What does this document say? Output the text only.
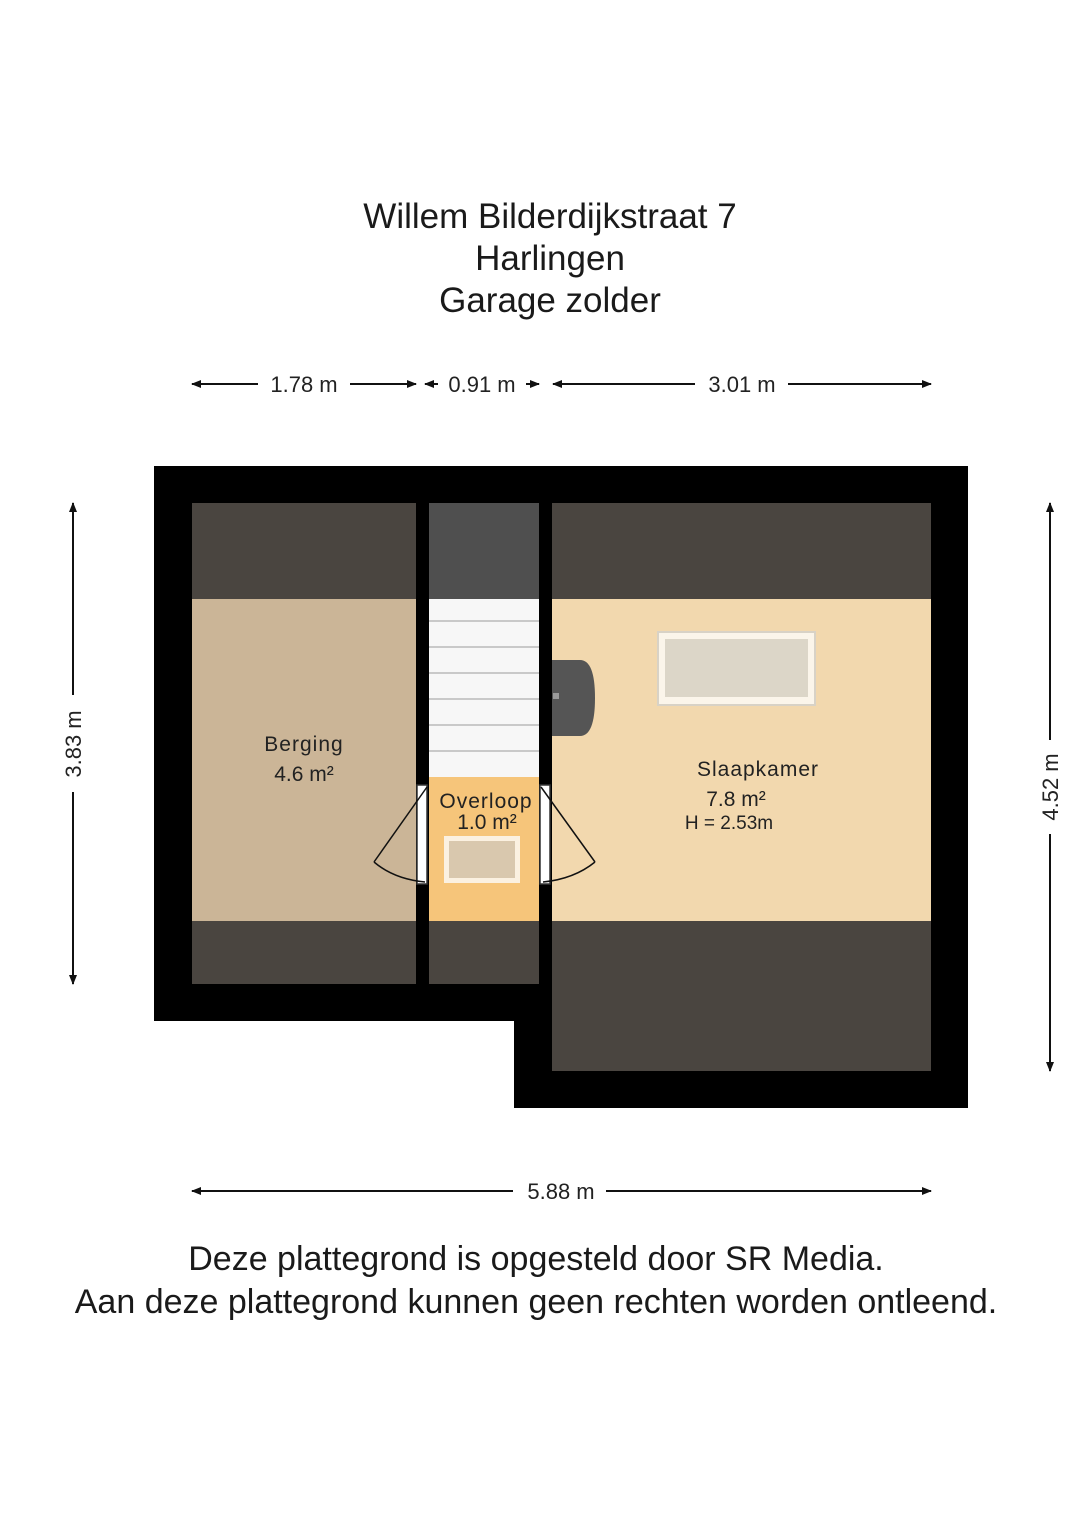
Willem Bilderdijkstraat 7
Harlingen
Garage zolder
1.78 m	0.91 m	3.01 m
3.83 m
4.52 m
5.88 m
Berging
4.6 m²
Overloop
1.0 m²
Slaapkamer
7.8 m²
H = 2.53m
Deze plattegrond is opgesteld door SR Media.
Aan deze plattegrond kunnen geen rechten worden ontleend.
